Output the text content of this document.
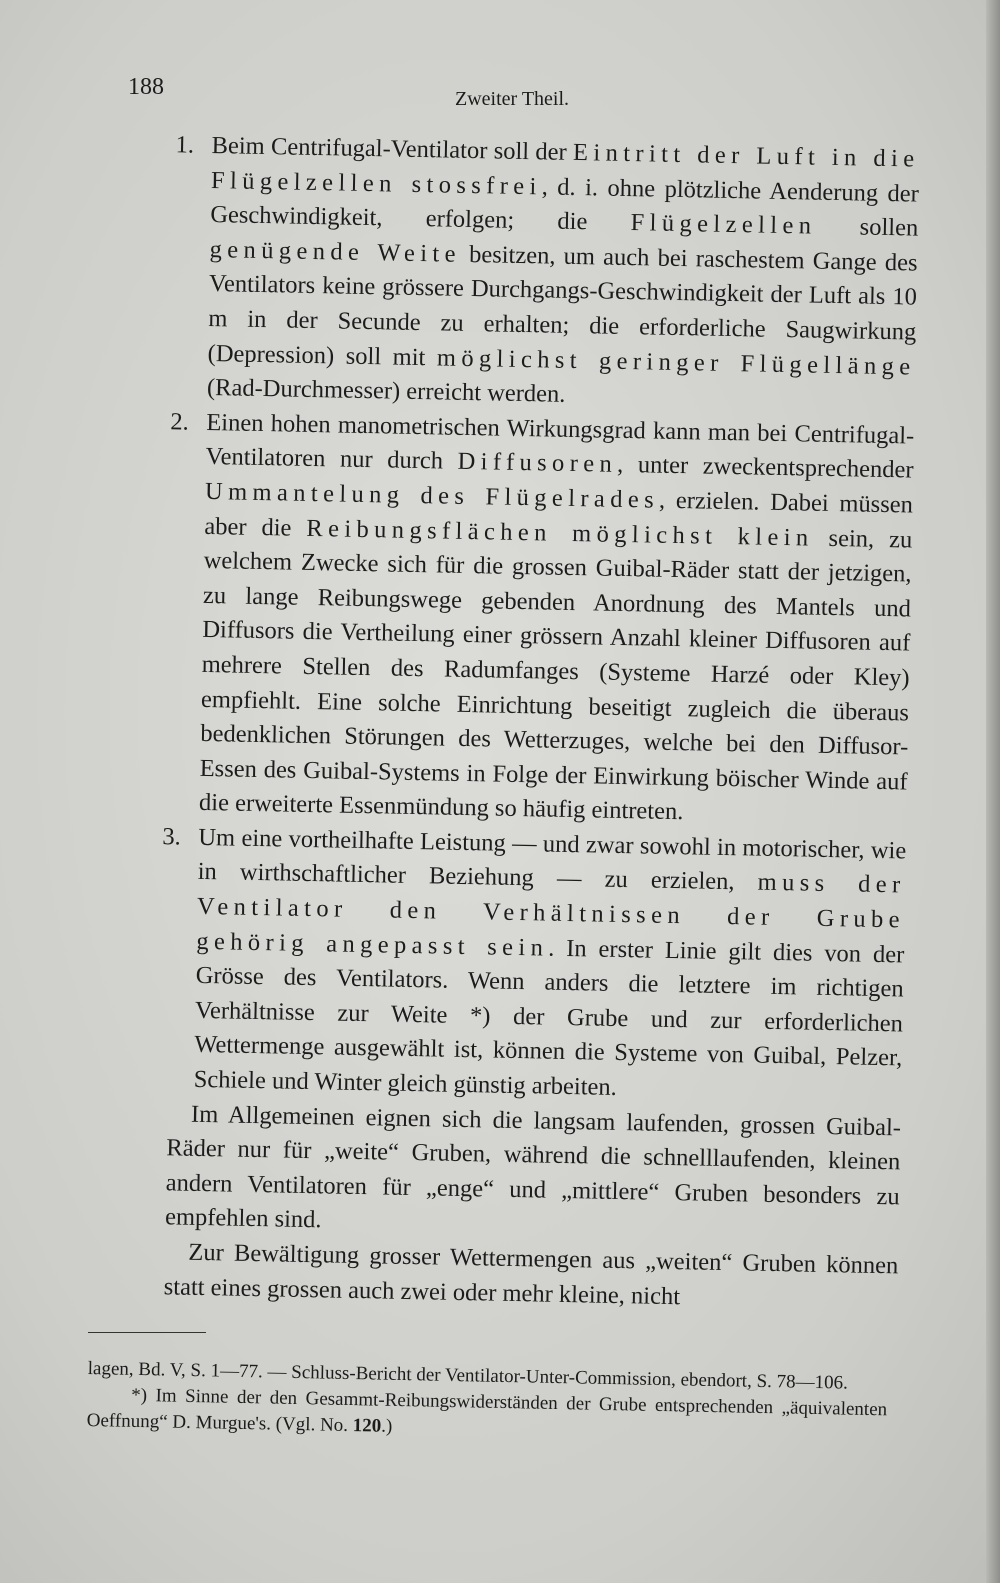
188	Zweiter Theil.

1. Beim Centrifugal-Ventilator soll der Eintritt der Luft in die Flügelzellen stossfrei, d. i. ohne plötzliche Aenderung der Geschwindigkeit, erfolgen; die Flügelzellen sollen genügende Weite besitzen, um auch bei raschestem Gange des Ventilators keine grössere Durchgangs-Geschwindigkeit der Luft als 10 m in der Secunde zu erhalten; die erforderliche Saugwirkung (Depression) soll mit möglichst geringer Flügellänge (Rad-Durchmesser) erreicht werden.

2. Einen hohen manometrischen Wirkungsgrad kann man bei Centrifugal-Ventilatoren nur durch Diffusoren, unter zweckentsprechender Ummantelung des Flügelrades, erzielen. Dabei müssen aber die Reibungsflächen möglichst klein sein, zu welchem Zwecke sich für die grossen Guibal-Räder statt der jetzigen, zu lange Reibungswege gebenden Anordnung des Mantels und Diffusors die Vertheilung einer grössern Anzahl kleiner Diffusoren auf mehrere Stellen des Radumfanges (Systeme Harzé oder Kley) empfiehlt. Eine solche Einrichtung beseitigt zugleich die überaus bedenklichen Störungen des Wetterzuges, welche bei den Diffusor-Essen des Guibal-Systems in Folge der Einwirkung böischer Winde auf die erweiterte Essenmündung so häufig eintreten.

3. Um eine vortheilhafte Leistung — und zwar sowohl in motorischer, wie in wirthschaftlicher Beziehung — zu erzielen, muss der Ventilator den Verhältnissen der Grube gehörig angepasst sein. In erster Linie gilt dies von der Grösse des Ventilators. Wenn anders die letztere im richtigen Verhältnisse zur Weite *) der Grube und zur erforderlichen Wettermenge ausgewählt ist, können die Systeme von Guibal, Pelzer, Schiele und Winter gleich günstig arbeiten.

Im Allgemeinen eignen sich die langsam laufenden, grossen Guibal-Räder nur für „weite“ Gruben, während die schnelllaufenden, kleinen andern Ventilatoren für „enge“ und „mittlere“ Gruben besonders zu empfehlen sind.

Zur Bewältigung grosser Wettermengen aus „weiten“ Gruben können statt eines grossen auch zwei oder mehr kleine, nicht

lagen, Bd. V, S. 1—77. — Schluss-Bericht der Ventilator-Unter-Commission, ebendort, S. 78—106.

*) Im Sinne der den Gesammt-Reibungswiderständen der Grube entsprechenden „äquivalenten Oeffnung“ D. Murgue's. (Vgl. No. 120.)
